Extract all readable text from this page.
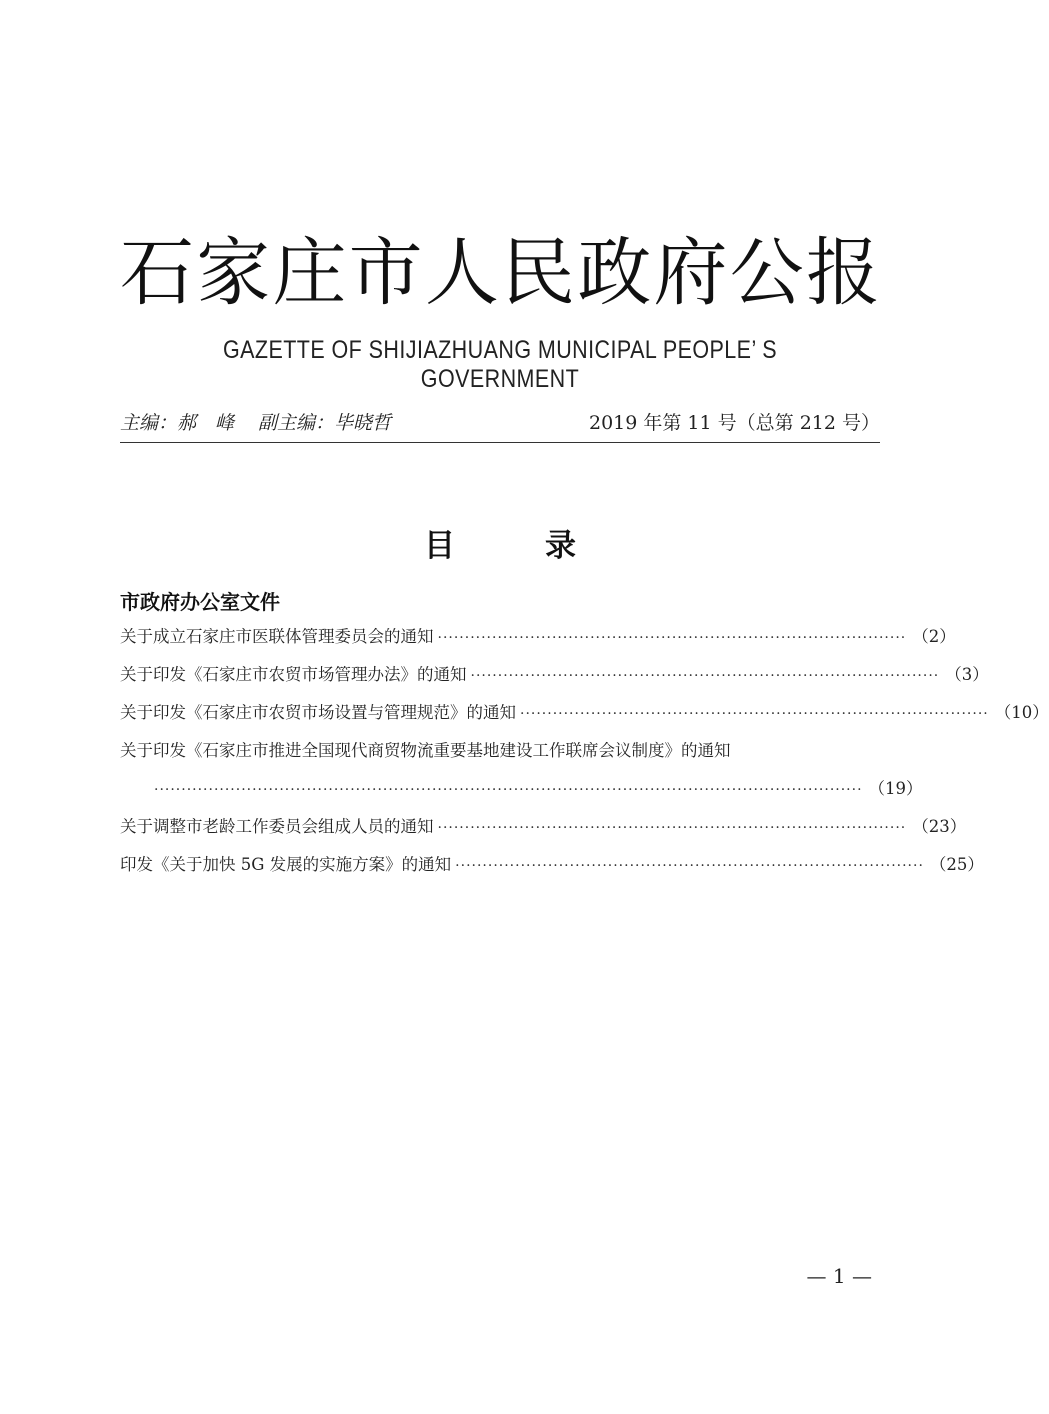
石 家 庄 市 人 民 政 府 公 报
GAZETTE OF SHIJIAZHUANG MUNICIPAL PEOPLE’ S GOVERNMENT
主编：郝　峰 副主编：毕晓哲	2019 年第 11 号（总第 212 号）
目录
市政府办公室文件
关于成立石家庄市医联体管理委员会的通知 ······················································································ （2）
关于印发《石家庄市农贸市场管理办法》的通知 ······················································································ （3）
关于印发《石家庄市农贸市场设置与管理规范》的通知 ······················································································ （10）
关于印发《石家庄市推进全国现代商贸物流重要基地建设工作联席会议制度》的通知
·································································································································· （19）
关于调整市老龄工作委员会组成人员的通知 ······················································································ （23）
印发《关于加快 5G 发展的实施方案》的通知 ······················································································ （25）
— 1 —
